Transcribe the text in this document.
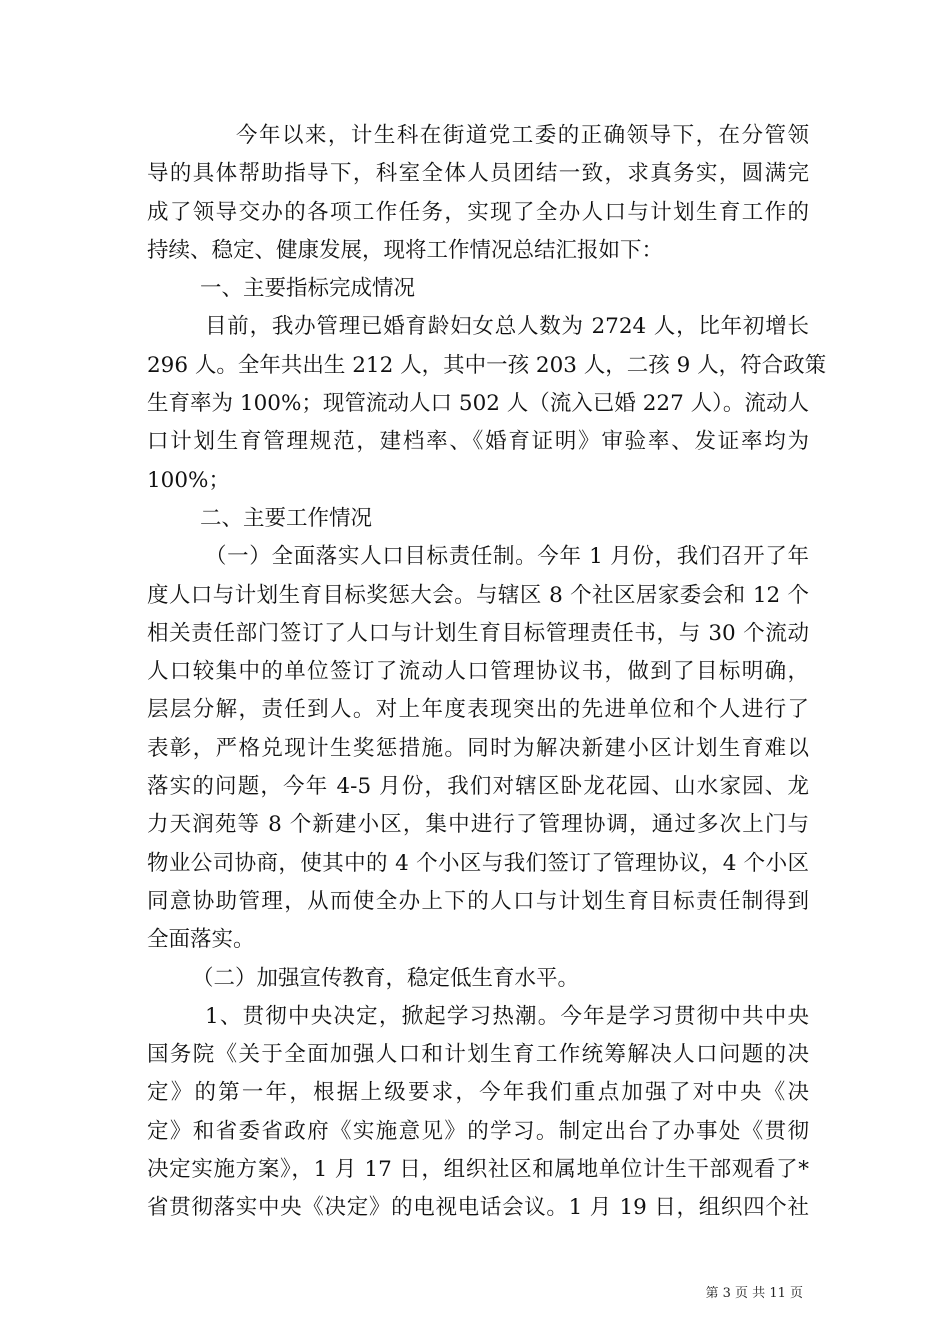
今年以来，计生科在街道党工委的正确领导下，在分管领
导的具体帮助指导下，科室全体人员团结一致，求真务实，圆满完
成了领导交办的各项工作任务，实现了全办人口与计划生育工作的
持续、稳定、健康发展，现将工作情况总结汇报如下：
一、主要指标完成情况
目前，我办管理已婚育龄妇女总人数为 2724 人，比年初增长
296 人。全年共出生 212 人，其中一孩 203 人，二孩 9 人，符合政策
生育率为 100%；现管流动人口 502 人（流入已婚 227 人）。流动人
口计划生育管理规范，建档率、《婚育证明》审验率、发证率均为
100%；
二、主要工作情况
（一）全面落实人口目标责任制。今年 1 月份，我们召开了年
度人口与计划生育目标奖惩大会。与辖区 8 个社区居家委会和 12 个
相关责任部门签订了人口与计划生育目标管理责任书，与 30 个流动
人口较集中的单位签订了流动人口管理协议书，做到了目标明确，
层层分解，责任到人。对上年度表现突出的先进单位和个人进行了
表彰，严格兑现计生奖惩措施。同时为解决新建小区计划生育难以
落实的问题，今年 4-5 月份，我们对辖区卧龙花园、山水家园、龙
力天润苑等 8 个新建小区，集中进行了管理协调，通过多次上门与
物业公司协商，使其中的 4 个小区与我们签订了管理协议，4 个小区
同意协助管理，从而使全办上下的人口与计划生育目标责任制得到
全面落实。
（二）加强宣传教育，稳定低生育水平。
1、贯彻中央决定，掀起学习热潮。今年是学习贯彻中共中央
国务院《关于全面加强人口和计划生育工作统筹解决人口问题的决
定》的第一年，根据上级要求，今年我们重点加强了对中央《决
定》和省委省政府《实施意见》的学习。制定出台了办事处《贯彻
决定实施方案》，1 月 17 日，组织社区和属地单位计生干部观看了*
省贯彻落实中央《决定》的电视电话会议。1 月 19 日，组织四个社
第 3 页 共 11 页
